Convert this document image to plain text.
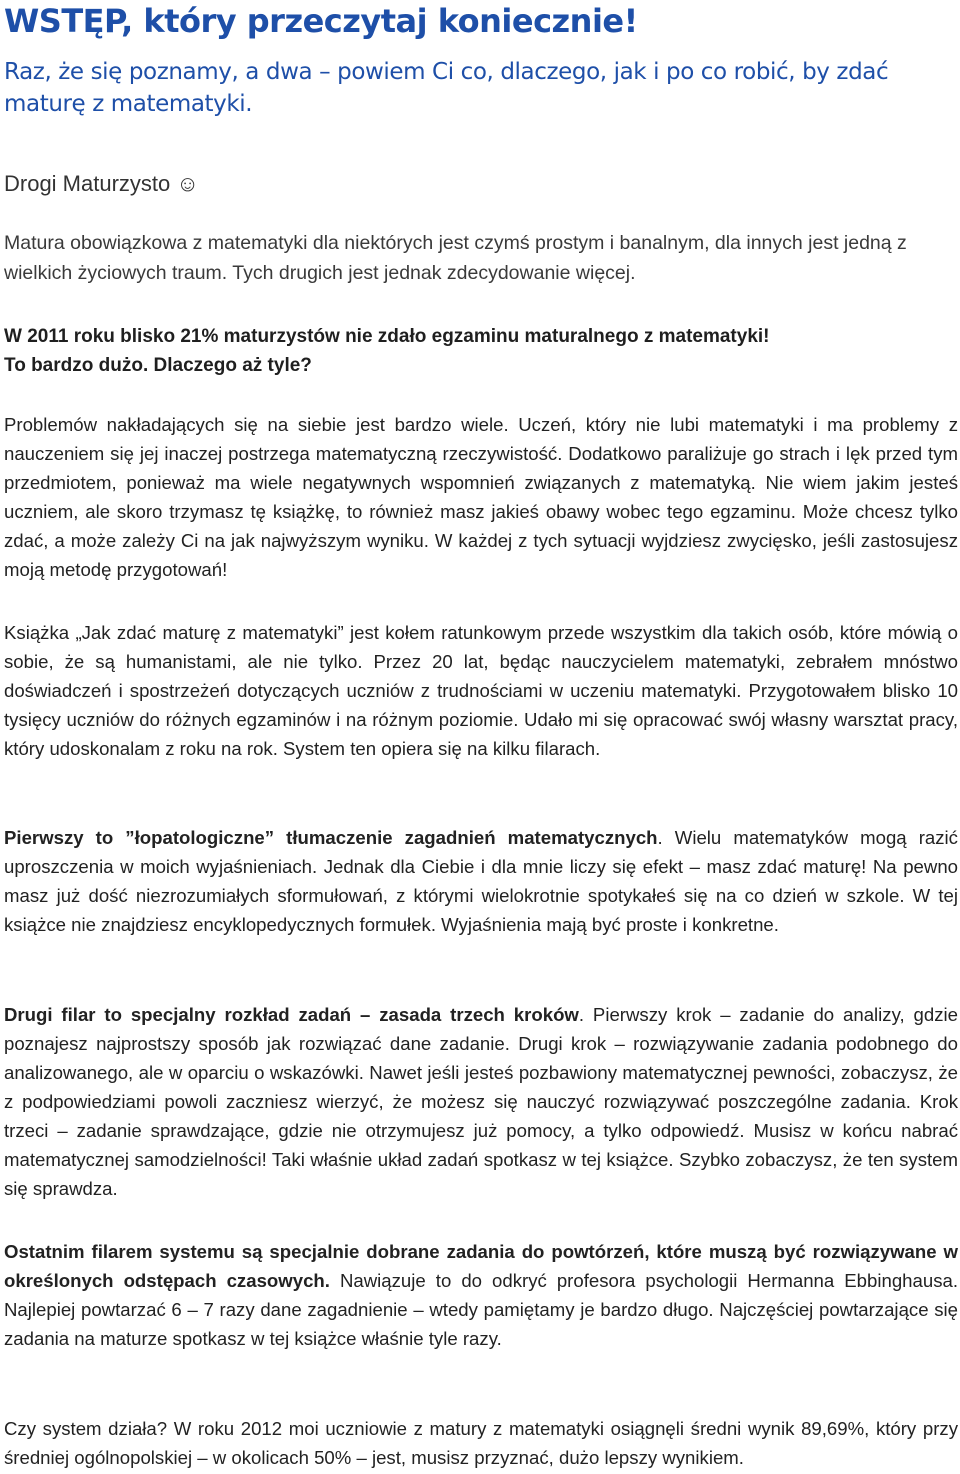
WSTĘP, który przeczytaj koniecznie!

Raz, że się poznamy, a dwa – powiem Ci co, dlaczego, jak i po co robić, by zdać maturę z matematyki.

Drogi Maturzysto ☺

Matura obowiązkowa z matematyki dla niektórych jest czymś prostym i banalnym, dla innych jest jedną z wielkich życiowych traum. Tych drugich jest jednak zdecydowanie więcej.

W 2011 roku blisko 21% maturzystów nie zdało egzaminu maturalnego z matematyki!
To bardzo dużo. Dlaczego aż tyle?

Problemów nakładających się na siebie jest bardzo wiele. Uczeń, który nie lubi matematyki i ma problemy z nauczeniem się jej inaczej postrzega matematyczną rzeczywistość. Dodatkowo paraliżuje go strach i lęk przed tym przedmiotem, ponieważ ma wiele negatywnych wspomnień związanych z matematyką. Nie wiem jakim jesteś uczniem, ale skoro trzymasz tę książkę, to również masz jakieś obawy wobec tego egzaminu. Może chcesz tylko zdać, a może zależy Ci na jak najwyższym wyniku. W każdej z tych sytuacji wyjdziesz zwycięsko, jeśli zastosujesz moją metodę przygotowań!

Książka „Jak zdać maturę z matematyki” jest kołem ratunkowym przede wszystkim dla takich osób, które mówią o sobie, że są humanistami, ale nie tylko. Przez 20 lat, będąc nauczycielem matematyki, zebrałem mnóstwo doświadczeń i spostrzeżeń dotyczących uczniów z trudnościami w uczeniu matematyki. Przygotowałem blisko 10 tysięcy uczniów do różnych egzaminów i na różnym poziomie. Udało mi się opracować swój własny warsztat pracy, który udoskonalam z roku na rok. System ten opiera się na kilku filarach.

Pierwszy to ”łopatologiczne” tłumaczenie zagadnień matematycznych. Wielu matematyków mogą razić uproszczenia w moich wyjaśnieniach. Jednak dla Ciebie i dla mnie liczy się efekt – masz zdać maturę! Na pewno masz już dość niezrozumiałych sformułowań, z którymi wielokrotnie spotykałeś się na co dzień w szkole. W tej książce nie znajdziesz encyklopedycznych formułek. Wyjaśnienia mają być proste i konkretne.

Drugi filar to specjalny rozkład zadań – zasada trzech kroków. Pierwszy krok – zadanie do analizy, gdzie poznajesz najprostszy sposób jak rozwiązać dane zadanie. Drugi krok – rozwiązywanie zadania podobnego do analizowanego, ale w oparciu o wskazówki. Nawet jeśli jesteś pozbawiony matematycznej pewności, zobaczysz, że z podpowiedziami powoli zaczniesz wierzyć, że możesz się nauczyć rozwiązywać poszczególne zadania. Krok trzeci – zadanie sprawdzające, gdzie nie otrzymujesz już pomocy, a tylko odpowiedź. Musisz w końcu nabrać matematycznej samodzielności! Taki właśnie układ zadań spotkasz w tej książce. Szybko zobaczysz, że ten system się sprawdza.

Ostatnim filarem systemu są specjalnie dobrane zadania do powtórzeń, które muszą być rozwiązywane w określonych odstępach czasowych. Nawiązuje to do odkryć profesora psychologii Hermanna Ebbinghausa. Najlepiej powtarzać 6 – 7 razy dane zagadnienie – wtedy pamiętamy je bardzo długo. Najczęściej powtarzające się zadania na maturze spotkasz w tej książce właśnie tyle razy.

Czy system działa? W roku 2012 moi uczniowie z matury z matematyki osiągnęli średni wynik 89,69%, który przy średniej ogólnopolskiej – w okolicach 50% – jest, musisz przyznać, dużo lepszy wynikiem.
